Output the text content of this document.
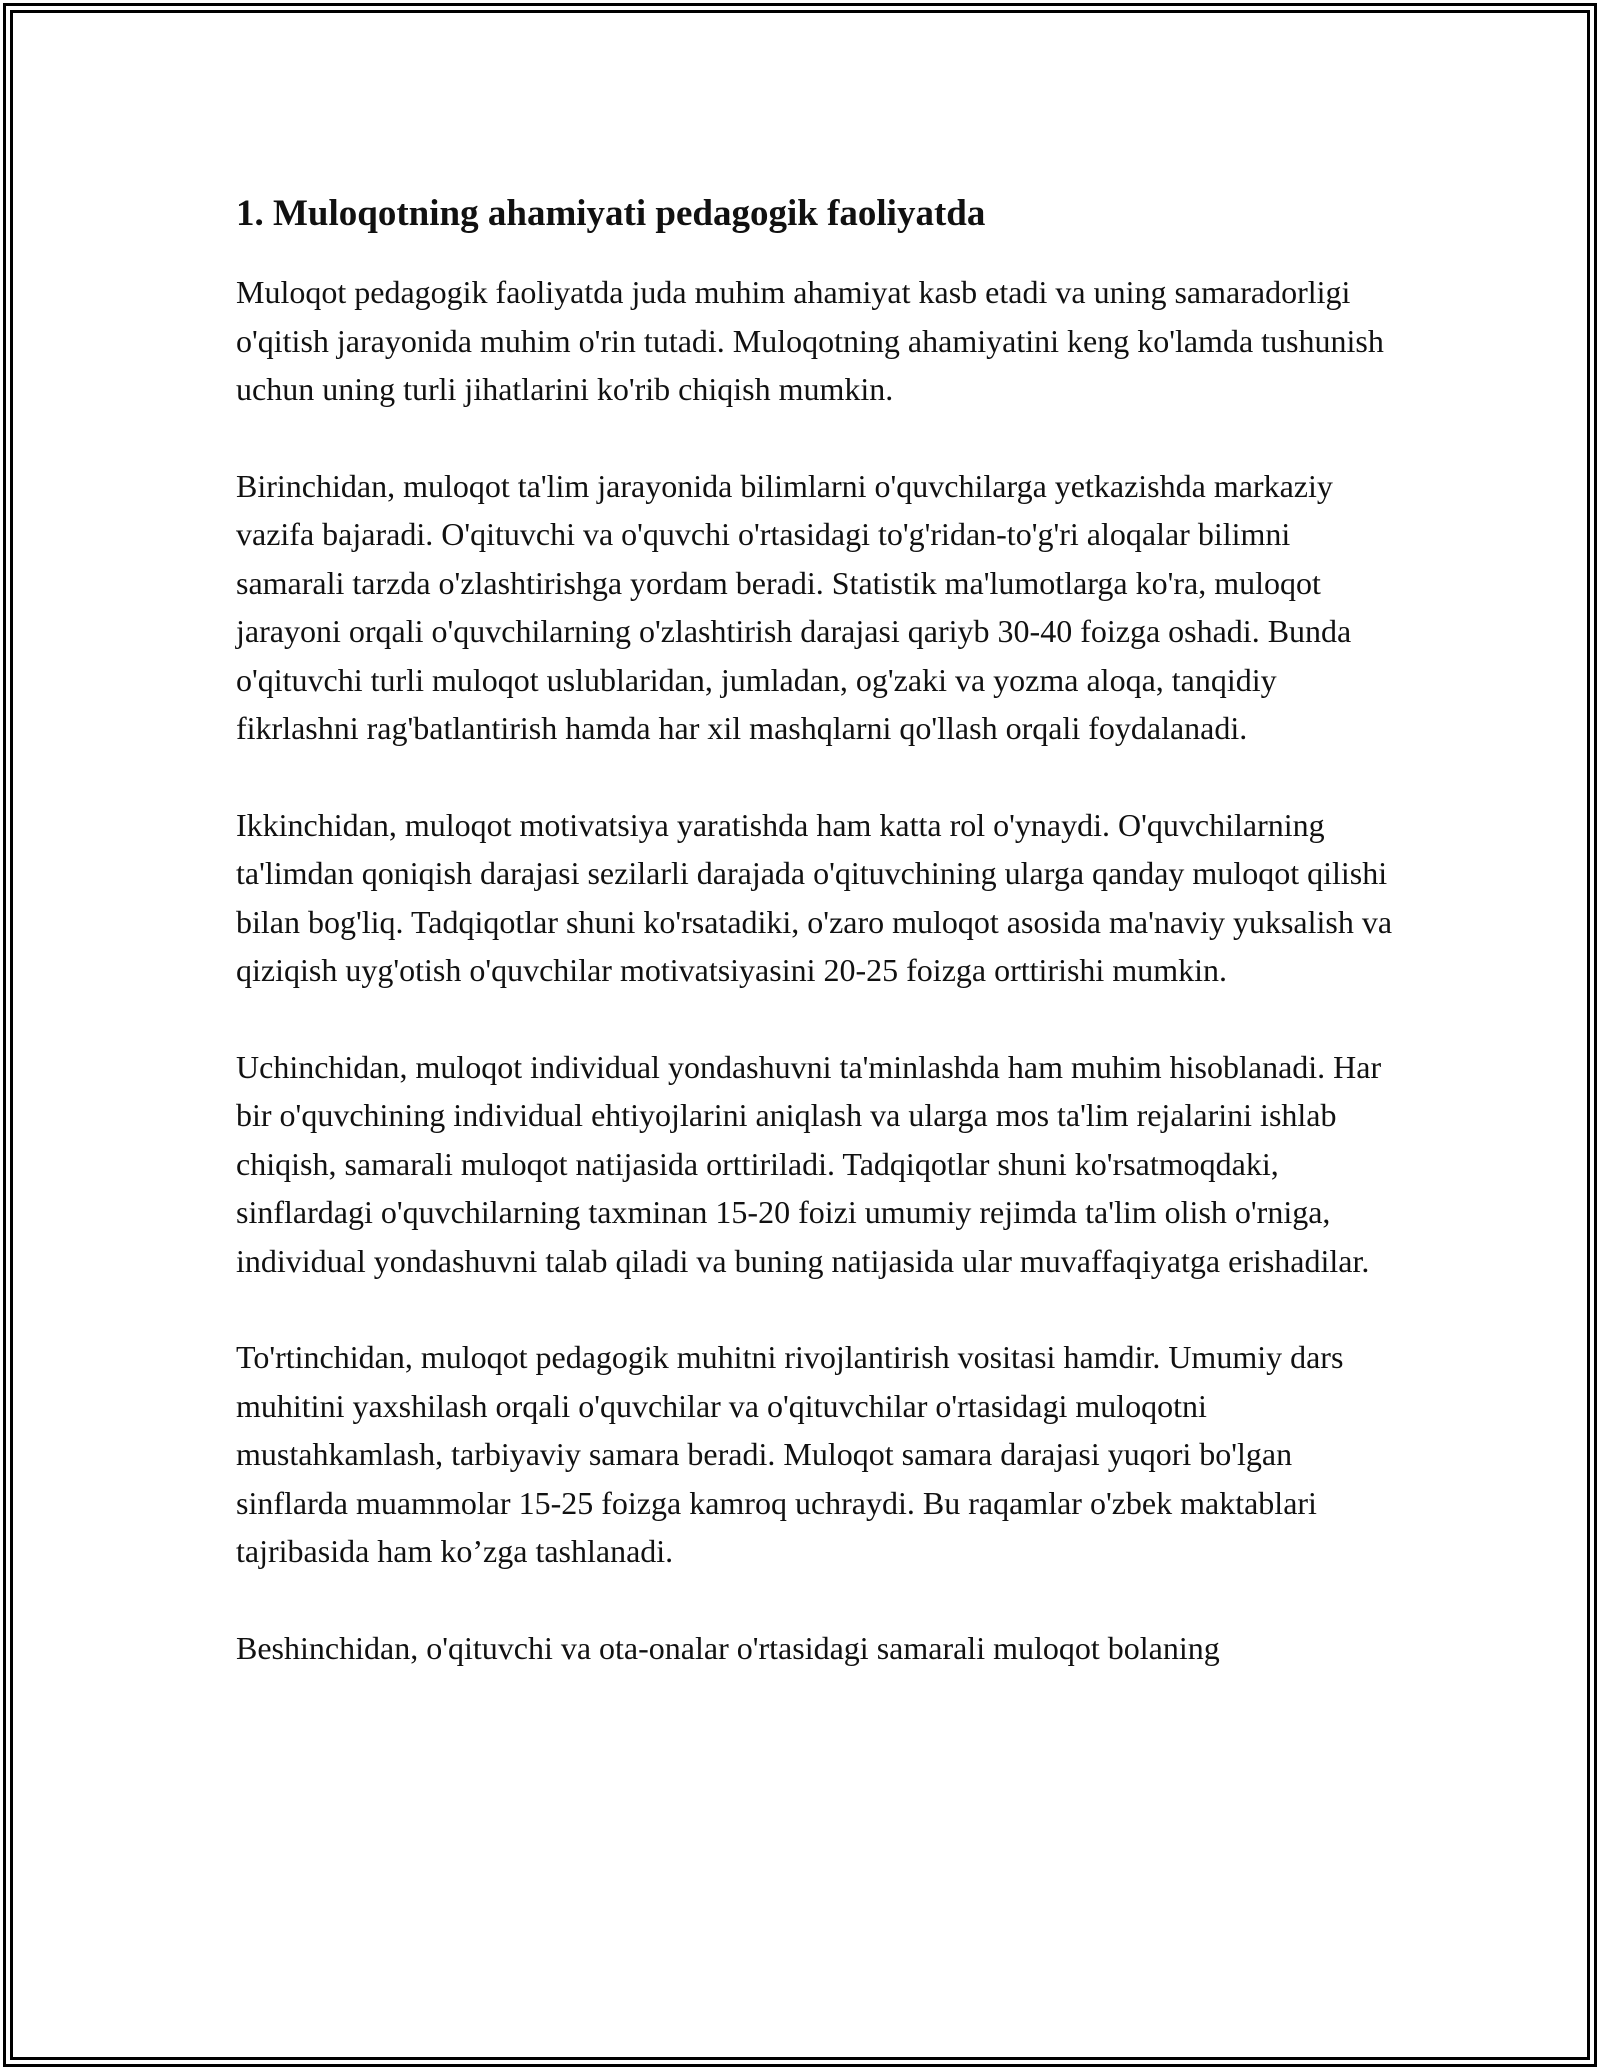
1. Muloqotning ahamiyati pedagogik faoliyatda

Muloqot pedagogik faoliyatda juda muhim ahamiyat kasb etadi va uning samaradorligi o'qitish jarayonida muhim o'rin tutadi. Muloqotning ahamiyatini keng ko'lamda tushunish uchun uning turli jihatlarini ko'rib chiqish mumkin.

Birinchidan, muloqot ta'lim jarayonida bilimlarni o'quvchilarga yetkazishda markaziy vazifa bajaradi. O'qituvchi va o'quvchi o'rtasidagi to'g'ridan-to'g'ri aloqalar bilimni samarali tarzda o'zlashtirishga yordam beradi. Statistik ma'lumotlarga ko'ra, muloqot jarayoni orqali o'quvchilarning o'zlashtirish darajasi qariyb 30-40 foizga oshadi. Bunda o'qituvchi turli muloqot uslublaridan, jumladan, og'zaki va yozma aloqa, tanqidiy fikrlashni rag'batlantirish hamda har xil mashqlarni qo'llash orqali foydalanadi.

Ikkinchidan, muloqot motivatsiya yaratishda ham katta rol o'ynaydi. O'quvchilarning ta'limdan qoniqish darajasi sezilarli darajada o'qituvchining ularga qanday muloqot qilishi bilan bog'liq. Tadqiqotlar shuni ko'rsatadiki, o'zaro muloqot asosida ma'naviy yuksalish va qiziqish uyg'otish o'quvchilar motivatsiyasini 20-25 foizga orttirishi mumkin.

Uchinchidan, muloqot individual yondashuvni ta'minlashda ham muhim hisoblanadi. Har bir o'quvchining individual ehtiyojlarini aniqlash va ularga mos ta'lim rejalarini ishlab chiqish, samarali muloqot natijasida orttiriladi. Tadqiqotlar shuni ko'rsatmoqdaki, sinflardagi o'quvchilarning taxminan 15-20 foizi umumiy rejimda ta'lim olish o'rniga, individual yondashuvni talab qiladi va buning natijasida ular muvaffaqiyatga erishadilar.

To'rtinchidan, muloqot pedagogik muhitni rivojlantirish vositasi hamdir. Umumiy dars muhitini yaxshilash orqali o'quvchilar va o'qituvchilar o'rtasidagi muloqotni mustahkamlash, tarbiyaviy samara beradi. Muloqot samara darajasi yuqori bo'lgan sinflarda muammolar 15-25 foizga kamroq uchraydi. Bu raqamlar o'zbek maktablari tajribasida ham ko’zga tashlanadi.

Beshinchidan, o'qituvchi va ota-onalar o'rtasidagi samarali muloqot bolaning
